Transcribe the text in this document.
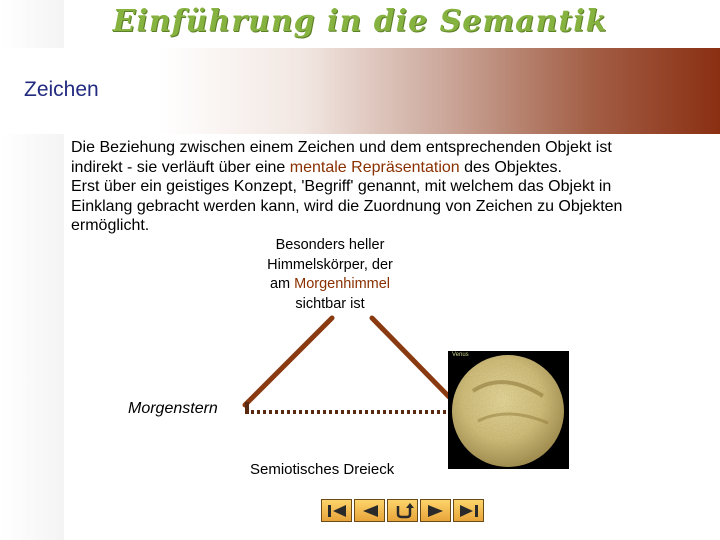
Einführung in die Semantik
Zeichen
Die Beziehung zwischen einem Zeichen und dem entsprechenden Objekt ist
indirekt - sie verläuft über eine mentale Repräsentation des Objektes.
Erst über ein geistiges Konzept, 'Begriff' genannt, mit welchem das Objekt in
Einklang gebracht werden kann, wird die Zuordnung von Zeichen zu Objekten
ermöglicht.
Besonders heller
Himmelskörper, der
am Morgenhimmel
sichtbar ist
Morgenstern
Venus
Semiotisches Dreieck
